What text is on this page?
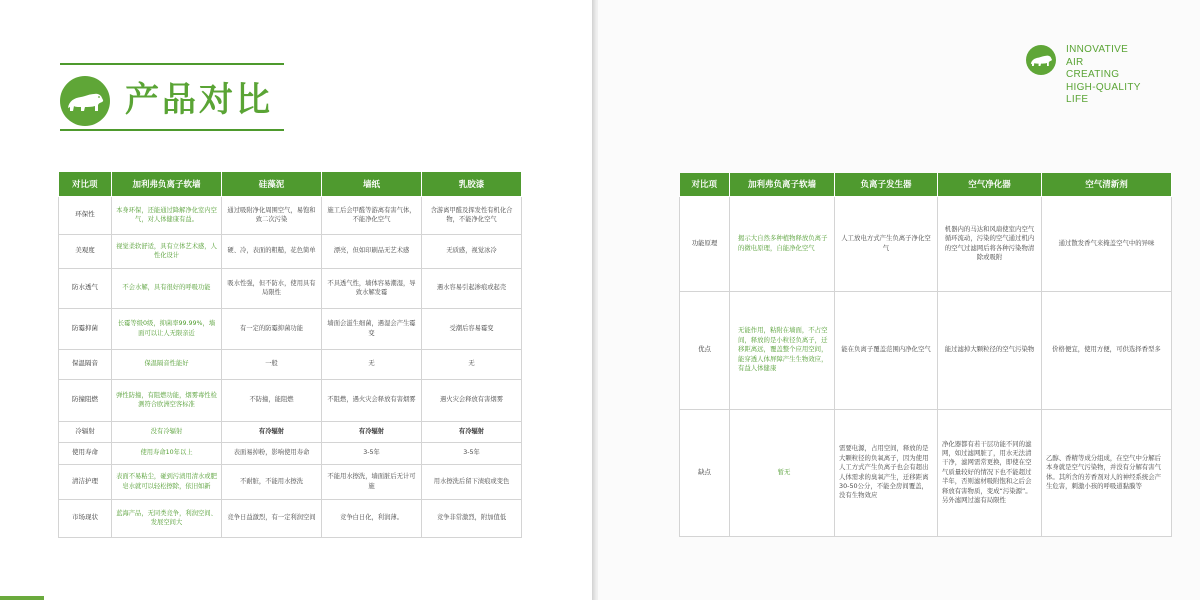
产品对比
对比项	加利弗负离子软墙	硅藻泥	墙纸	乳胶漆
环保性	本身环保，还能通过降解净化室内空气，对人体健康有益。	通过吸附净化周围空气，易饱和致二次污染	施工后会甲醛等游离有害气体，不能净化空气	含游离甲醛及挥发性有机化合物，不能净化空气
美观度	视觉柔软舒适，具有立体艺术感，人性化设计	硬、冷，表面的粗糙，花色简单	漂亮，但如印刷品无艺术感	无质感，视觉冰冷
防水透气	不会水解，具有很好的呼吸功能	吸水性强，但不防水，使用具有局限性	不具透气性，墙体容易潮湿，导致水解发霉	遇水容易引起渗痕或起壳
防霉抑菌	长霉等级0级，抑菌率99.99%，墙面可以让人无限亲近	有一定的防霉抑菌功能	墙面会滋生细菌，遇湿会产生霉变	受潮后容易霉变
保温隔音	保温隔音性能好	一般	无	无
防撞阻燃	弹性防撞，有阻燃功能，烟雾毒性检测符合欧洲空客标准	不防撞，能阻燃	不阻燃，遇火灾会释放有害烟雾	遇火灾会释放有害烟雾
冷辐射	没有冷辐射	有冷辐射	有冷辐射	有冷辐射
使用寿命	使用寿命10年以上	表面易掉粉，影响使用寿命	3-5年	3-5年
清洁护理	表面不易粘尘，碰到污渍用清水或肥皂水就可以轻松擦除，依旧如新	不耐脏，不能用水擦洗	不能用水擦洗，墙面脏后无计可施	用水擦洗后留下渍痕或变色
市场现状	蓝海产品，无同类竞争，利润空间、发展空间大	竞争日益激烈，有一定利润空间	竞争白日化，利润薄。	竞争非常激烈，附加值低
INNOVATIVE
AIR
CREATING
HIGH-QUALITY
LIFE
对比项	加利弗负离子软墙	负离子发生器	空气净化器	空气清新剂
功能原理	揭示大自然多种植物释放负离子的微电原理，自能净化空气	人工放电方式产生负离子净化空气	机器内的马达和风扇使室内空气循环流动，污染的空气通过机内的空气过滤网后将各种污染物清除或吸附	通过散发香气来掩盖空气中的异味
优点	无能作用，粘附在墙面，不占空间，释放的是小粒径负离子，迁移距离远，覆盖整个应用空间，能穿透人体屏障产生生物效应，有益人体健康	能在负离子覆盖范围内净化空气	能过滤掉大颗粒径的空气污染物	价格便宜，使用方便，可供选择香型多
缺点	暂无	需要电源，占用空间，释放的是大颗粒径的负氧离子，因为使用人工方式产生负离子也会有超出人体需求的臭氧产生，迁移距离30-50公分，不能全房间覆盖，没有生物效应	净化器都有若干层功能不同的滤网，如过滤网脏了，用水无法清干净，滤网需常更换，即使在空气质量较好的情况下也不能超过半年，否则滤材吸附饱和之后会释放有害物质，变成“污染源”。另外滤网过滤有局限性	乙醇、香精等成分组成，在空气中分解后本身就是空气污染物，并没有分解有害气体。其所含的芳香剂对人的神经系统会产生危害，刺激小孩的呼吸道黏膜等
